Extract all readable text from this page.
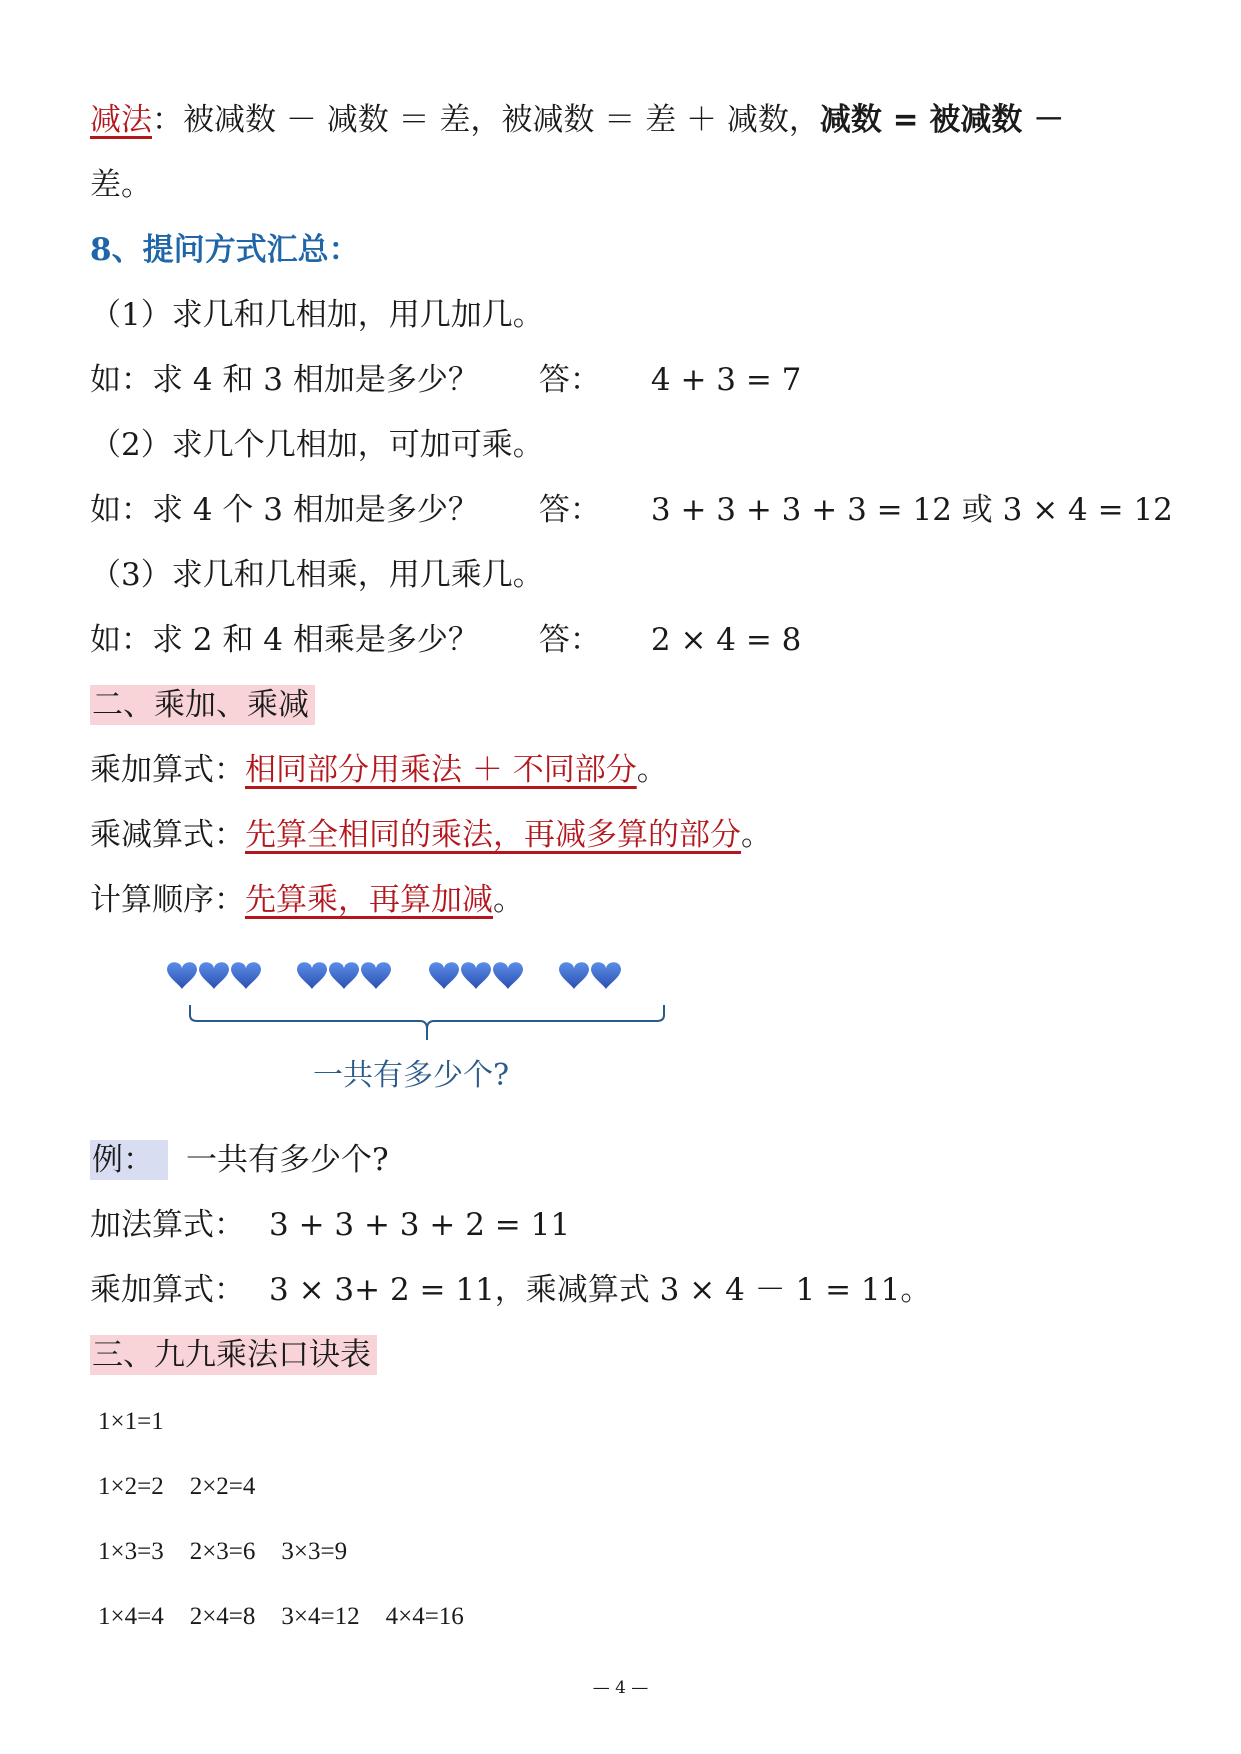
减法：被减数 － 减数 ＝ 差，被减数 ＝ 差 ＋ 减数，减数 = 被减数 －
差。
8、提问方式汇总：
（1）求几和几相加，用几加几。
如：求 4 和 3 相加是多少？ 答： 4 + 3 = 7
（2）求几个几相加，可加可乘。
如：求 4 个 3 相加是多少？ 答： 3 + 3 + 3 + 3 = 12 或 3 × 4 = 12
（3）求几和几相乘，用几乘几。
如：求 2 和 4 相乘是多少？ 答： 2 × 4 = 8
二、乘加、乘减
乘加算式：相同部分用乘法 ＋ 不同部分。
乘减算式：先算全相同的乘法，再减多算的部分。
计算顺序：先算乘，再算加减。
一共有多少个?
例： 一共有多少个?
加法算式： 3 + 3 + 3 + 2 = 11
乘加算式： 3 × 3+ 2 = 11，乘减算式 3 × 4 － 1 = 11。
三、九九乘法口诀表
1×1=1
1×2=2 2×2=4
1×3=3 2×3=6 3×3=9
1×4=4 2×4=8 3×4=12 4×4=16
— 4 —
